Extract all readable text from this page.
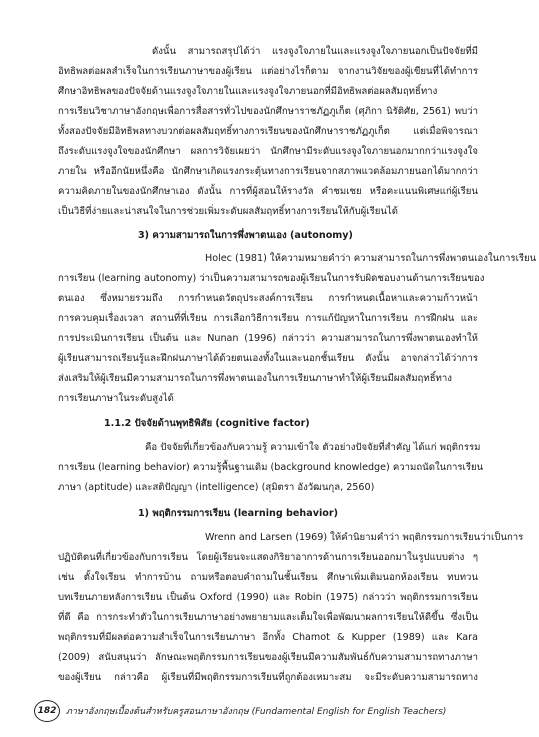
ดังนั้น สามารถสรุปได้ว่า แรงจูงใจภายในและแรงจูงใจภายนอกเป็นปัจจัยที่มี
อิทธิพลต่อผลสำเร็จในการเรียนภาษาของผู้เรียน แต่อย่างไรก็ตาม จากงานวิจัยของผู้เขียนที่ได้ทำการ
ศึกษาอิทธิพลของปัจจัยด้านแรงจูงใจภายในและแรงจูงใจภายนอกที่มีอิทธิพลต่อผลสัมฤทธิ์ทาง
การเรียนวิชาภาษาอังกฤษเพื่อการสื่อสารทั่วไปของนักศึกษาราชภัฏภูเก็ต (ศุภิกา นิรัติศัย, 2561) พบว่า
ทั้งสองปัจจัยมีอิทธิพลทางบวกต่อผลสัมฤทธิ์ทางการเรียนของนักศึกษาราชภัฏภูเก็ต แต่เมื่อพิจารณา
ถึงระดับแรงจูงใจของนักศึกษา ผลการวิจัยเผยว่า นักศึกษามีระดับแรงจูงใจภายนอกมากกว่าแรงจูงใจ
ภายใน หรืออีกนัยหนึ่งคือ นักศึกษาเกิดแรงกระตุ้นทางการเรียนจากสภาพแวดล้อมภายนอกได้มากกว่า
ความคิดภายในของนักศึกษาเอง ดังนั้น การที่ผู้สอนให้รางวัล คำชมเชย หรือคะแนนพิเศษแก่ผู้เรียน
เป็นวิธีที่ง่ายและน่าสนใจในการช่วยเพิ่มระดับผลสัมฤทธิ์ทางการเรียนให้กับผู้เรียนได้
3) ความสามารถในการพึ่งพาตนเอง (autonomy)
Holec (1981) ให้ความหมายคำว่า ความสามารถในการพึ่งพาตนเองในการเรียน
การเรียน (learning autonomy) ว่าเป็นความสามารถของผู้เรียนในการรับผิดชอบงานด้านการเรียนของ
ตนเอง ซึ่งหมายรวมถึง การกำหนดวัตถุประสงค์การเรียน การกำหนดเนื้อหาและความก้าวหน้า
การควบคุมเรื่องเวลา สถานที่ที่เรียน การเลือกวิธีการเรียน การแก้ปัญหาในการเรียน การฝึกฝน และ
การประเมินการเรียน เป็นต้น และ Nunan (1996) กล่าวว่า ความสามารถในการพึ่งพาตนเองทำให้
ผู้เรียนสามารถเรียนรู้และฝึกฝนภาษาได้ด้วยตนเองทั้งในและนอกชั้นเรียน ดังนั้น อาจกล่าวได้ว่าการ
ส่งเสริมให้ผู้เรียนมีความสามารถในการพึ่งพาตนเองในการเรียนภาษาทำให้ผู้เรียนมีผลสัมฤทธิ์ทาง
การเรียนภาษาในระดับสูงได้
1.1.2 ปัจจัยด้านพุทธิพิสัย (cognitive factor)
คือ ปัจจัยที่เกี่ยวข้องกับความรู้ ความเข้าใจ ตัวอย่างปัจจัยที่สำคัญ ได้แก่ พฤติกรรม
การเรียน (learning behavior) ความรู้พื้นฐานเดิม (background knowledge) ความถนัดในการเรียน
ภาษา (aptitude) และสติปัญญา (intelligence) (สุมิตรา อังวัฒนกุล, 2560)
1) พฤติกรรมการเรียน (learning behavior)
Wrenn and Larsen (1969) ให้คำนิยามคำว่า พฤติกรรมการเรียนว่าเป็นการ
ปฏิบัติตนที่เกี่ยวข้องกับการเรียน โดยผู้เรียนจะแสดงกิริยาอาการด้านการเรียนออกมาในรูปแบบต่าง ๆ
เช่น ตั้งใจเรียน ทำการบ้าน ถามหรือตอบคำถามในชั้นเรียน ศึกษาเพิ่มเติมนอกห้องเรียน ทบทวน
บทเรียนภายหลังการเรียน เป็นต้น Oxford (1990) และ Robin (1975) กล่าวว่า พฤติกรรมการเรียน
ที่ดี คือ การกระทำตัวในการเรียนภาษาอย่างพยายามและเต็มใจเพื่อพัฒนาผลการเรียนให้ดีขึ้น ซึ่งเป็น
พฤติกรรมที่มีผลต่อความสำเร็จในการเรียนภาษา อีกทั้ง Chamot & Kupper (1989) และ Kara
(2009) สนับสนุนว่า ลักษณะพฤติกรรมการเรียนของผู้เรียนมีความสัมพันธ์กับความสามารถทางภาษา
ของผู้เรียน กล่าวคือ ผู้เรียนที่มีพฤติกรรมการเรียนที่ถูกต้องเหมาะสม จะมีระดับความสามารถทาง
182 ภาษาอังกฤษเบื้องต้นสำหรับครูสอนภาษาอังกฤษ (Fundamental English for English Teachers)
